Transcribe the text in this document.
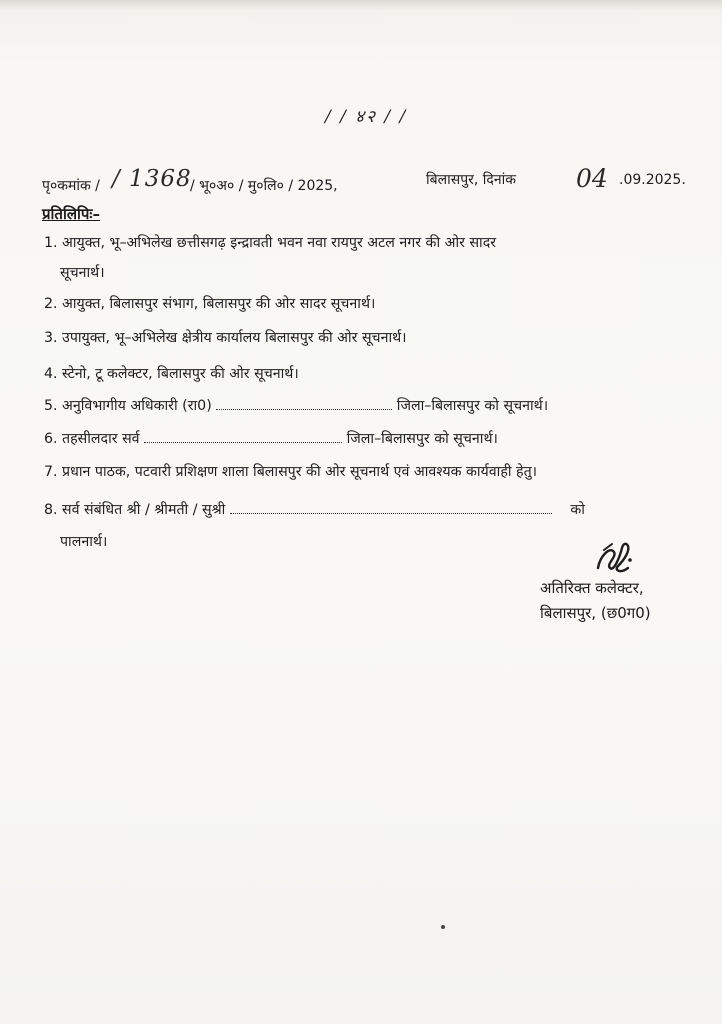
/ / ४२ / /
पृ०कमांक / / 1368
/ भू०अ० / मु०लि० / 2025,	बिलासपुर, दिनांक 04 .09.2025.
प्रतिलिपिः–
1. आयुक्त, भू–अभिलेख छत्तीसगढ़ इन्द्रावती भवन नवा रायपुर अटल नगर की ओर सादर
सूचनार्थ।
2. आयुक्त, बिलासपुर संभाग, बिलासपुर की ओर सादर सूचनार्थ।
3. उपायुक्त, भू–अभिलेख क्षेत्रीय कार्यालय बिलासपुर की ओर सूचनार्थ।
4. स्टेनो, टू कलेक्टर, बिलासपुर की ओर सूचनार्थ।
5. अनुविभागीय अधिकारी (रा0)	जिला–बिलासपुर को सूचनार्थ।
6. तहसीलदार सर्व	जिला–बिलासपुर को सूचनार्थ।
7. प्रधान पाठक, पटवारी प्रशिक्षण शाला बिलासपुर की ओर सूचनार्थ एवं आवश्यक कार्यवाही हेतु।
8. सर्व संबंधित श्री / श्रीमती / सुश्री	को
पालनार्थ।
अतिरिक्त कलेक्टर,
बिलासपुर, (छ0ग0)
